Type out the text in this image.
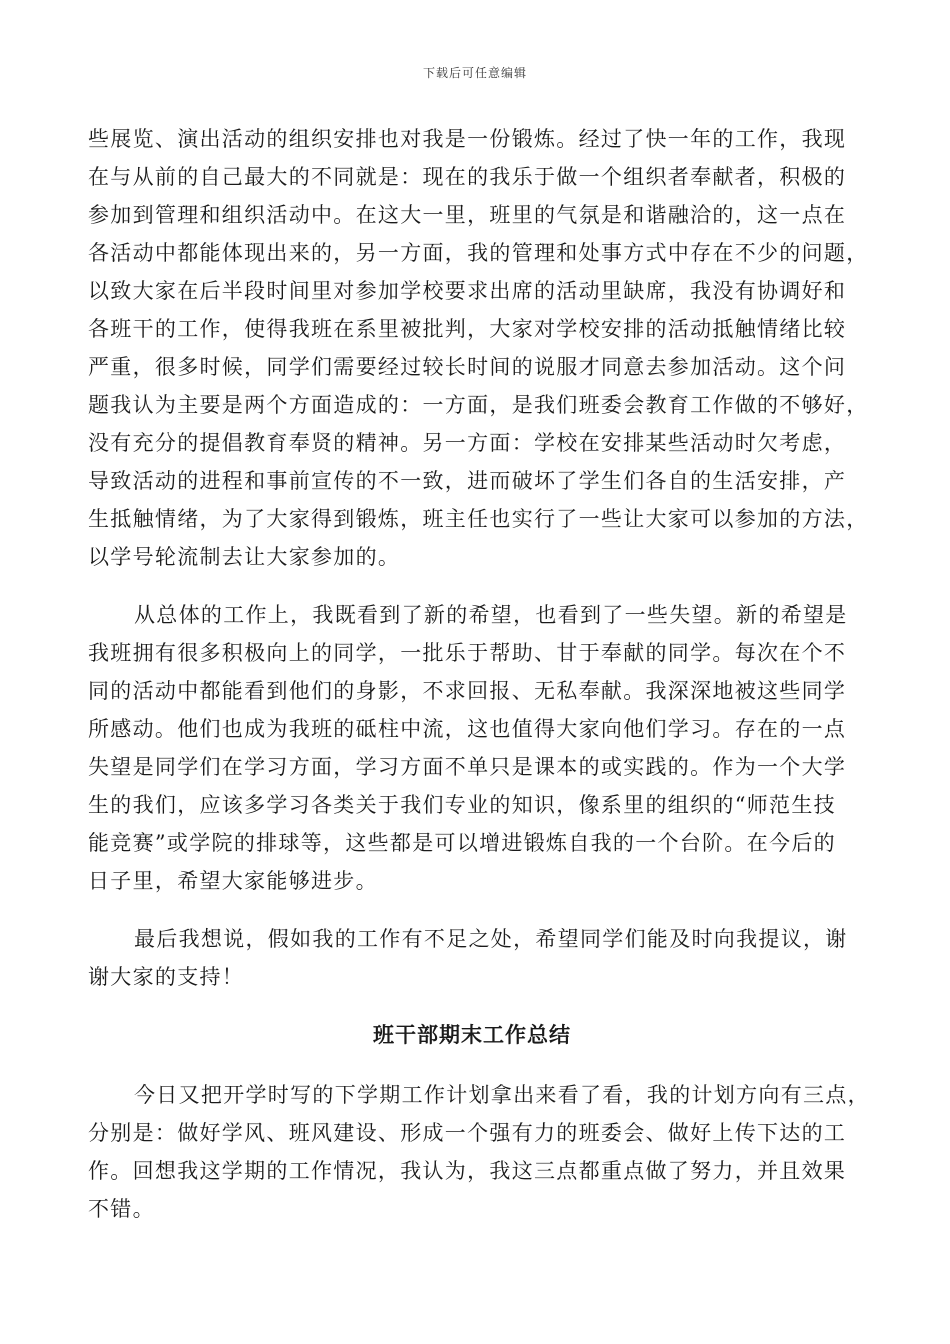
下载后可任意编辑
些展览、演出活动的组织安排也对我是一份锻炼。经过了快一年的工作，我现
在与从前的自己最大的不同就是：现在的我乐于做一个组织者奉献者，积极的
参加到管理和组织活动中。在这大一里，班里的气氛是和谐融洽的，这一点在
各活动中都能体现出来的，另一方面，我的管理和处事方式中存在不少的问题，
以致大家在后半段时间里对参加学校要求出席的活动里缺席，我没有协调好和
各班干的工作，使得我班在系里被批判，大家对学校安排的活动抵触情绪比较
严重，很多时候，同学们需要经过较长时间的说服才同意去参加活动。这个问
题我认为主要是两个方面造成的：一方面，是我们班委会教育工作做的不够好，
没有充分的提倡教育奉贤的精神。另一方面：学校在安排某些活动时欠考虑，
导致活动的进程和事前宣传的不一致，进而破坏了学生们各自的生活安排，产
生抵触情绪，为了大家得到锻炼，班主任也实行了一些让大家可以参加的方法，
以学号轮流制去让大家参加的。
从总体的工作上，我既看到了新的希望，也看到了一些失望。新的希望是
我班拥有很多积极向上的同学，一批乐于帮助、甘于奉献的同学。每次在个不
同的活动中都能看到他们的身影，不求回报、无私奉献。我深深地被这些同学
所感动。他们也成为我班的砥柱中流，这也值得大家向他们学习。存在的一点
失望是同学们在学习方面，学习方面不单只是课本的或实践的。作为一个大学
生的我们，应该多学习各类关于我们专业的知识，像系里的组织的“师范生技
能竞赛”或学院的排球等，这些都是可以增进锻炼自我的一个台阶。在今后的
日子里，希望大家能够进步。
最后我想说，假如我的工作有不足之处，希望同学们能及时向我提议，谢
谢大家的支持！
班干部期末工作总结
今日又把开学时写的下学期工作计划拿出来看了看，我的计划方向有三点，
分别是：做好学风、班风建设、形成一个强有力的班委会、做好上传下达的工
作。回想我这学期的工作情况，我认为，我这三点都重点做了努力，并且效果
不错。
